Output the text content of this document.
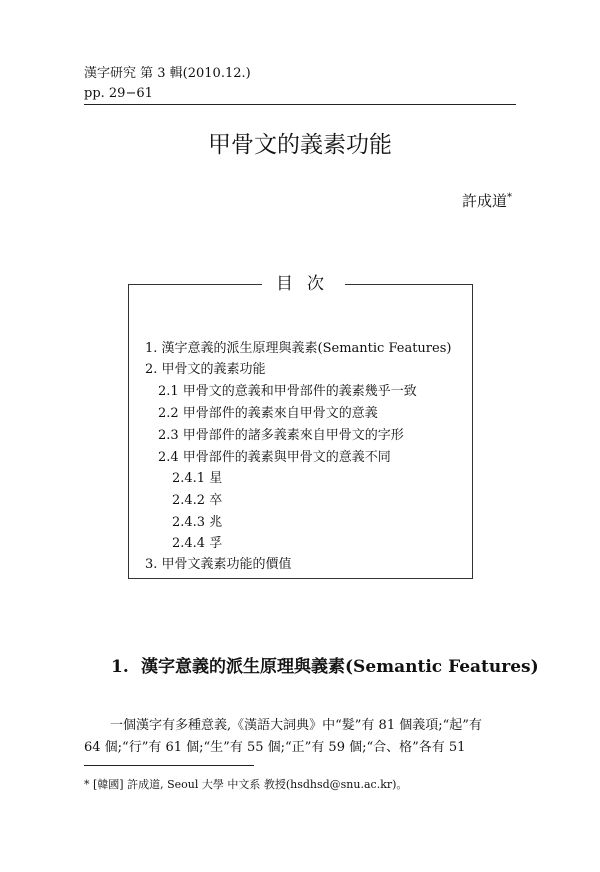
漢字研究 第 3 輯(2010.12.)
pp. 29−61
甲骨文的義素功能
許成道*
目次
1. 漢字意義的派生原理與義素(Semantic Features)
2. 甲骨文的義素功能
2.1 甲骨文的意義和甲骨部件的義素幾乎一致
2.2 甲骨部件的義素來自甲骨文的意義
2.3 甲骨部件的諸多義素來自甲骨文的字形
2.4 甲骨部件的義素與甲骨文的意義不同
2.4.1 星
2.4.2 卒
2.4.3 兆
2.4.4 孚
3. 甲骨文義素功能的價值
1. 漢字意義的派生原理與義素(Semantic Features)
一個漢字有多種意義,《漢語大詞典》中“髮”有 81 個義項;“起”有
64 個;“行”有 61 個;“生”有 55 個;“正”有 59 個;“合、格”各有 51
* [韓國] 許成道, Seoul 大學 中文系 教授(hsdhsd@snu.ac.kr)。
